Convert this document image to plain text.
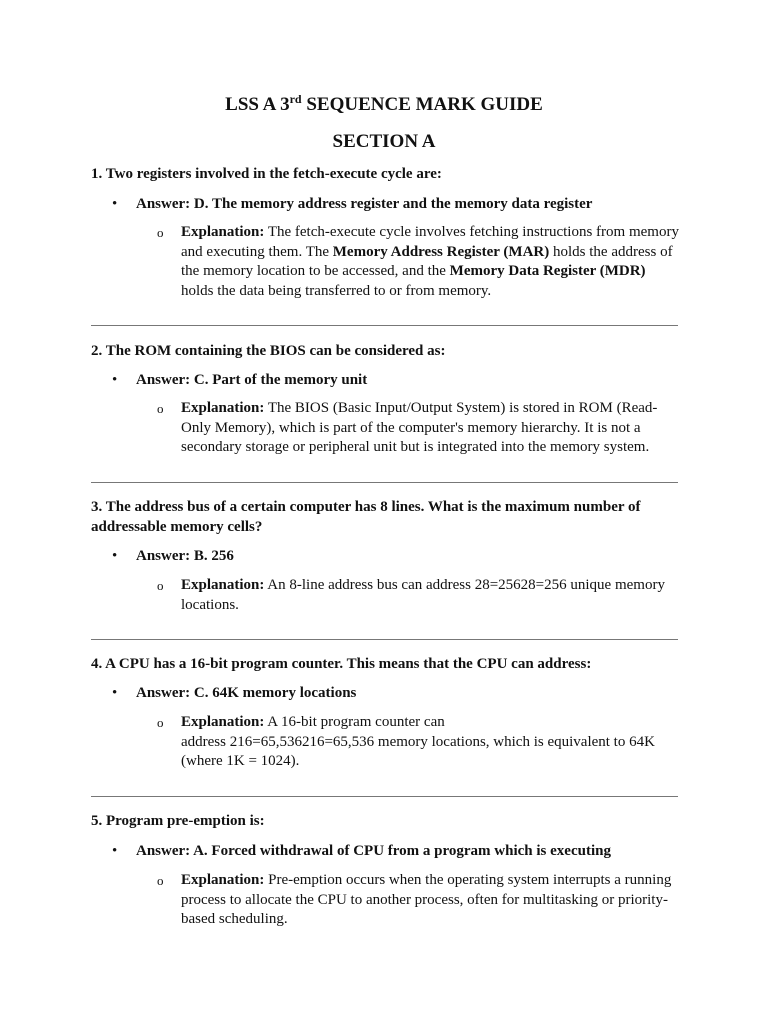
LSS A 3rd SEQUENCE MARK GUIDE
SECTION A
1. Two registers involved in the fetch-execute cycle are:
• Answer: D. The memory address register and the memory data register
o Explanation: The fetch-execute cycle involves fetching instructions from memory and executing them. The Memory Address Register (MAR) holds the address of the memory location to be accessed, and the Memory Data Register (MDR) holds the data being transferred to or from memory.
2. The ROM containing the BIOS can be considered as:
• Answer: C. Part of the memory unit
o Explanation: The BIOS (Basic Input/Output System) is stored in ROM (Read-Only Memory), which is part of the computer's memory hierarchy. It is not a secondary storage or peripheral unit but is integrated into the memory system.
3. The address bus of a certain computer has 8 lines. What is the maximum number of addressable memory cells?
• Answer: B. 256
o Explanation: An 8-line address bus can address 28=25628=256 unique memory locations.
4. A CPU has a 16-bit program counter. This means that the CPU can address:
• Answer: C. 64K memory locations
o Explanation: A 16-bit program counter can
address 216=65,536216=65,536 memory locations, which is equivalent to 64K (where 1K = 1024).
5. Program pre-emption is:
• Answer: A. Forced withdrawal of CPU from a program which is executing
o Explanation: Pre-emption occurs when the operating system interrupts a running process to allocate the CPU to another process, often for multitasking or priority-based scheduling.
